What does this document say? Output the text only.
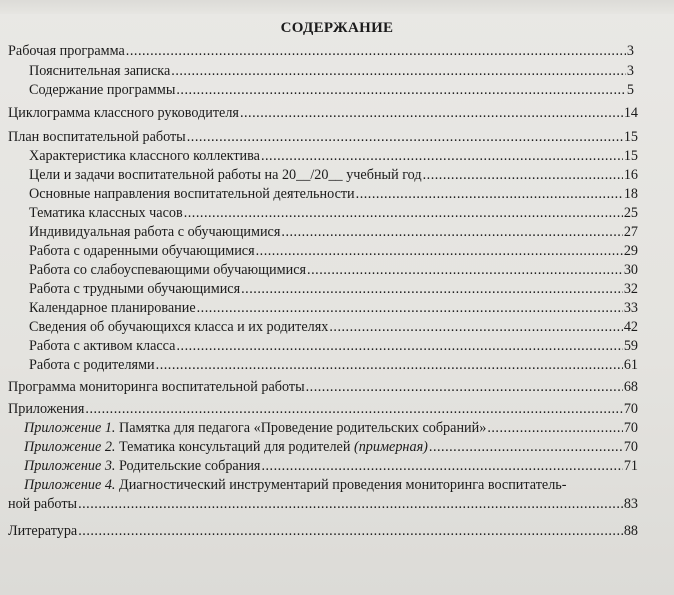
СОДЕРЖАНИЕ
Рабочая программа .....	3
Пояснительная записка .....	3
Содержание программы .....	5
Циклограмма классного руководителя .....	14
План воспитательной работы .....	15
Характеристика классного коллектива .....	15
Цели и задачи воспитательной работы на 20__/20__ учебный год .....	16
Основные направления воспитательной деятельности .....	18
Тематика классных часов .....	25
Индивидуальная работа с обучающимися .....	27
Работа с одаренными обучающимися .....	29
Работа со слабоуспевающими обучающимися .....	30
Работа с трудными обучающимися .....	32
Календарное планирование .....	33
Сведения об обучающихся класса и их родителях .....	42
Работа с активом класса .....	59
Работа с родителями .....	61
Программа мониторинга воспитательной работы .....	68
Приложения .....	70
Приложение 1. Памятка для педагога «Проведение родительских собраний» .....	70
Приложение 2. Тематика консультаций для родителей (примерная) .....	70
Приложение 3. Родительские собрания .....	71
Приложение 4. Диагностический инструментарий проведения мониторинга воспитатель-
ной работы .....	83
Литература .....	88
